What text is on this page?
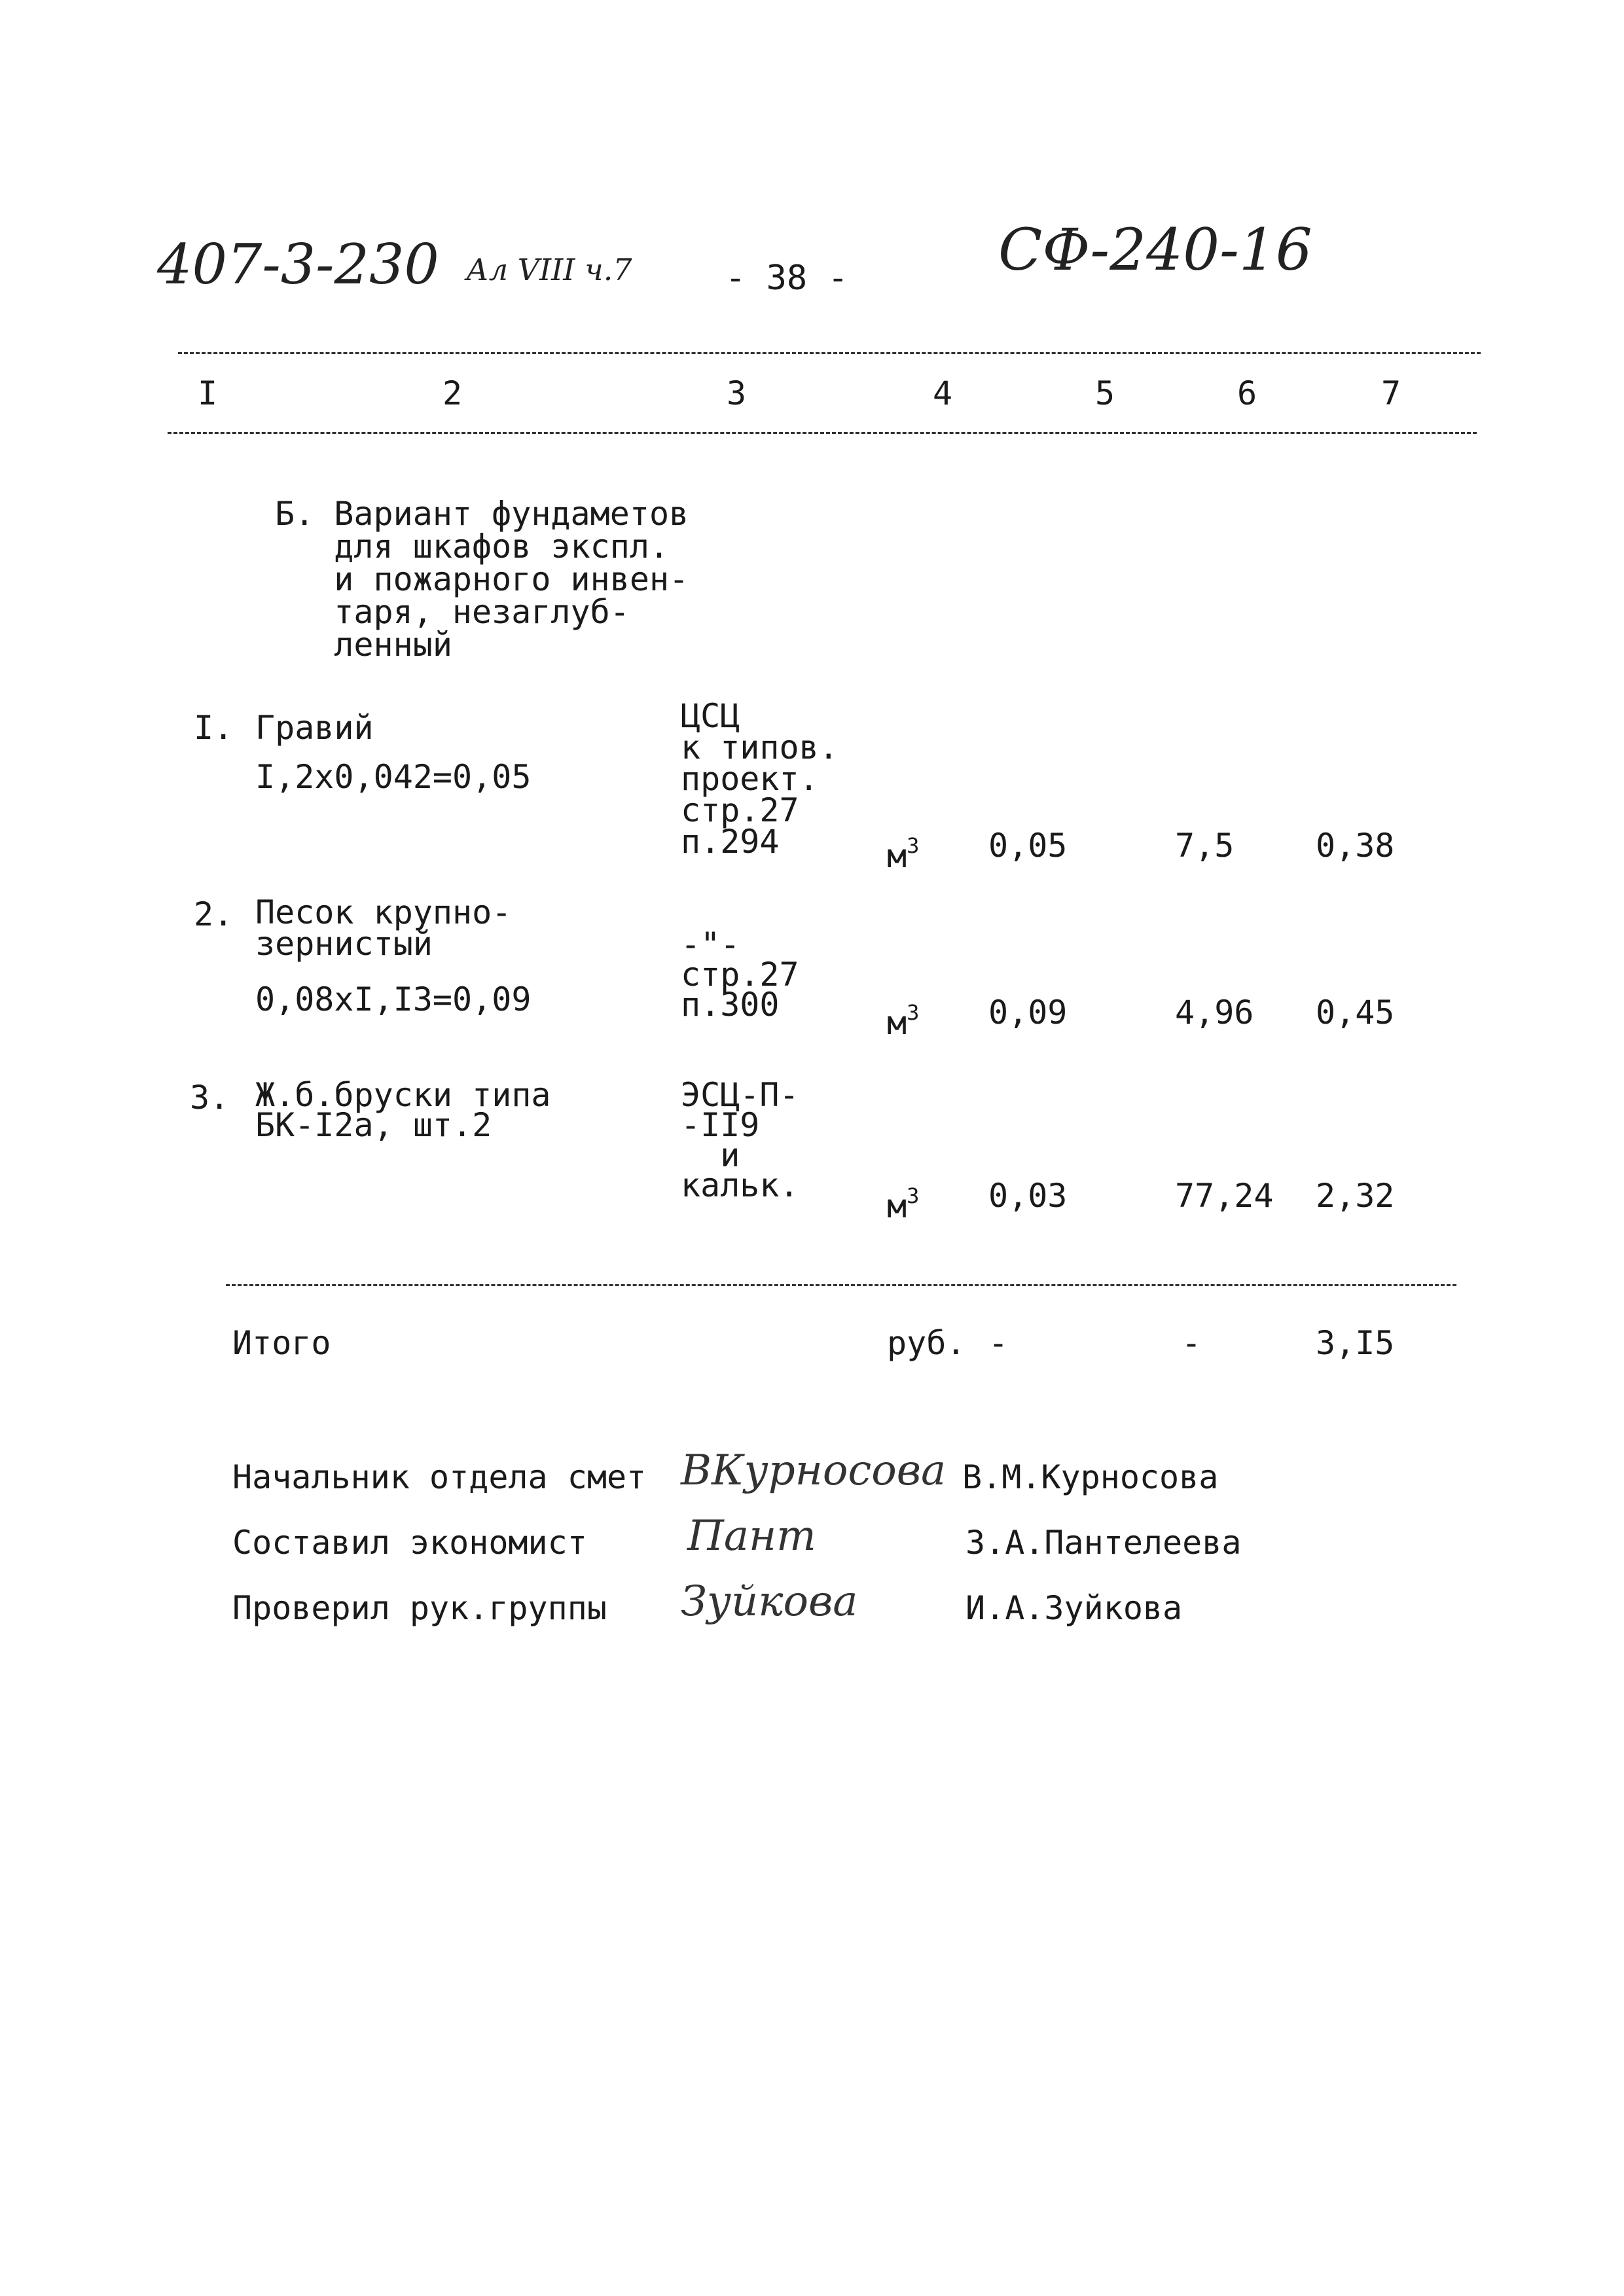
407-3-230 Ал VIII ч.7	- 38 -	СФ-240-16
I	2	3	4	5	6	7
Б. Вариант фундаметов
для шкафов экспл.
и пожарного инвен-
таря, незаглуб-
ленный
I. Гравий
I,2x0,042=0,05
ЦСЦ
к типов.
проект.
стр.27
п.294	$м^3$ 0,05	7,5 0,38
2. Песок крупно-
зернистый
0,08xI,I3=0,09
-"-
стр.27
п.300	$м^3$ 0,09	4,96 0,45
3. Ж.б.бруски типа
БК-I2а, шт.2
ЭСЦ-П-
-II9
и
кальк.
$м^3$ 0,03	77,24 2,32
Итого	руб. -	-	3,I5
Начальник отдела смет ВКурносова В.М.Курносова
Составил экономист Пант	З.А.Пантелеева
Проверил рук.группы Зуйкова	И.А.Зуйкова
